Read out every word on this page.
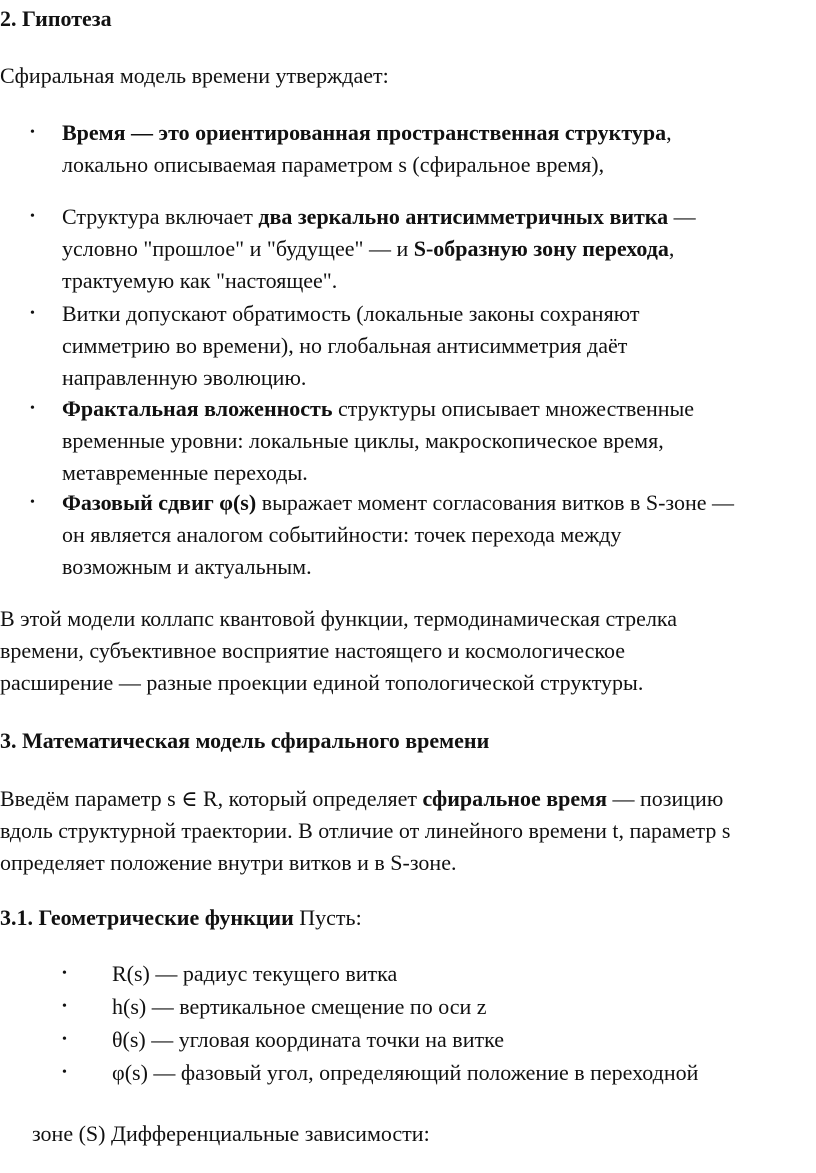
2. Гипотеза
Сфиральная модель времени утверждает:
• Время — это ориентированная пространственная структура,
локально описываемая параметром s (сфиральное время),
• Структура включает два зеркально антисимметричных витка —
условно "прошлое" и "будущее" — и S-образную зону перехода,
трактуемую как "настоящее".
• Витки допускают обратимость (локальные законы сохраняют
симметрию во времени), но глобальная антисимметрия даёт
направленную эволюцию.
• Фрактальная вложенность структуры описывает множественные
временные уровни: локальные циклы, макроскопическое время,
метавременные переходы.
• Фазовый сдвиг φ(s) выражает момент согласования витков в S-зоне —
он является аналогом событийности: точек перехода между
возможным и актуальным.
В этой модели коллапс квантовой функции, термодинамическая стрелка
времени, субъективное восприятие настоящего и космологическое
расширение — разные проекции единой топологической структуры.
3. Математическая модель сфирального времени
Введём параметр s ∈ R, который определяет сфиральное время — позицию
вдоль структурной траектории. В отличие от линейного времени t, параметр s
определяет положение внутри витков и в S-зоне.
3.1. Геометрические функции Пусть:
• R(s) — радиус текущего витка
• h(s) — вертикальное смещение по оси z
• θ(s) — угловая координата точки на витке
• φ(s) — фазовый угол, определяющий положение в переходной
зоне (S) Дифференциальные зависимости:
